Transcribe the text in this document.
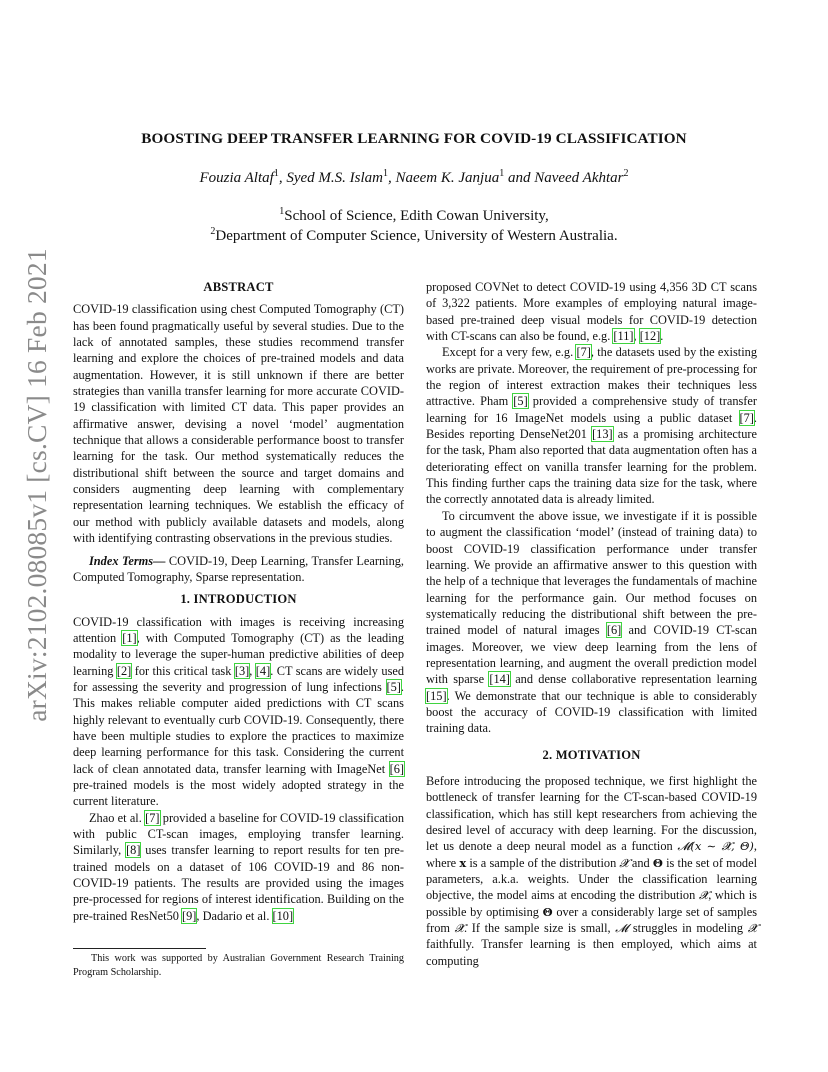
arXiv:2102.08085v1 [cs.CV] 16 Feb 2021
BOOSTING DEEP TRANSFER LEARNING FOR COVID-19 CLASSIFICATION
Fouzia Altaf$^1$, Syed M.S. Islam$^1$, Naeem K. Janjua$^1$ and Naveed Akhtar$^2$
$^1$School of Science, Edith Cowan University,
$^2$Department of Computer Science, University of Western Australia.
ABSTRACT

COVID-19 classification using chest Computed Tomography (CT) has been found pragmatically useful by several studies. Due to the lack of annotated samples, these studies recommend transfer learning and explore the choices of pre-trained models and data augmentation. However, it is still unknown if there are better strategies than vanilla transfer learning for more accurate COVID-19 classification with limited CT data. This paper provides an affirmative answer, devising a novel ‘model’ augmentation technique that allows a considerable performance boost to transfer learning for the task. Our method systematically reduces the distributional shift between the source and target domains and considers augmenting deep learning with complementary representation learning techniques. We establish the efficacy of our method with publicly available datasets and models, along with identifying contrasting observations in the previous studies.

Index Terms— COVID-19, Deep Learning, Transfer Learning, Computed Tomography, Sparse representation.

1. INTRODUCTION

COVID-19 classification with images is receiving increasing attention [1], with Computed Tomography (CT) as the leading modality to leverage the super-human predictive abilities of deep learning [2] for this critical task [3], [4]. CT scans are widely used for assessing the severity and progression of lung infections [5]. This makes reliable computer aided predictions with CT scans highly relevant to eventually curb COVID-19. Consequently, there have been multiple studies to explore the practices to maximize deep learning performance for this task. Considering the current lack of clean annotated data, transfer learning with ImageNet [6] pre-trained models is the most widely adopted strategy in the current literature.

Zhao et al. [7] provided a baseline for COVID-19 classification with public CT-scan images, employing transfer learning. Similarly, [8] uses transfer learning to report results for ten pre-trained models on a dataset of 106 COVID-19 and 86 non-COVID-19 patients. The results are provided using the images pre-processed for regions of interest identification. Building on the pre-trained ResNet50 [9], Dadario et al. [10]

This work was supported by Australian Government Research Training Program Scholarship.

proposed COVNet to detect COVID-19 using 4,356 3D CT scans of 3,322 patients. More examples of employing natural image-based pre-trained deep visual models for COVID-19 detection with CT-scans can also be found, e.g. [11], [12].

Except for a very few, e.g. [7], the datasets used by the existing works are private. Moreover, the requirement of pre-processing for the region of interest extraction makes their techniques less attractive. Pham [5] provided a comprehensive study of transfer learning for 16 ImageNet models using a public dataset [7]. Besides reporting DenseNet201 [13] as a promising architecture for the task, Pham also reported that data augmentation often has a deteriorating effect on vanilla transfer learning for the problem. This finding further caps the training data size for the task, where the correctly annotated data is already limited.

To circumvent the above issue, we investigate if it is possible to augment the classification ‘model’ (instead of training data) to boost COVID-19 classification performance under transfer learning. We provide an affirmative answer to this question with the help of a technique that leverages the fundamentals of machine learning for the performance gain. Our method focuses on systematically reducing the distributional shift between the pre-trained model of natural images [6] and COVID-19 CT-scan images. Moreover, we view deep learning from the lens of representation learning, and augment the overall prediction model with sparse [14] and dense collaborative representation learning [15]. We demonstrate that our technique is able to considerably boost the accuracy of COVID-19 classification with limited training data.

2. MOTIVATION

Before introducing the proposed technique, we first highlight the bottleneck of transfer learning for the CT-scan-based COVID-19 classification, which has still kept researchers from achieving the desired level of accuracy with deep learning. For the discussion, let us denote a deep neural model as a function 𝓜(x ∼ 𝓧, Θ), where x is a sample of the distribution 𝓧 and Θ is the set of model parameters, a.k.a. weights. Under the classification learning objective, the model aims at encoding the distribution 𝓧, which is possible by optimising Θ over a considerably large set of samples from 𝓧. If the sample size is small, 𝓜 struggles in modeling 𝓧 faithfully. Transfer learning is then employed, which aims at computing
